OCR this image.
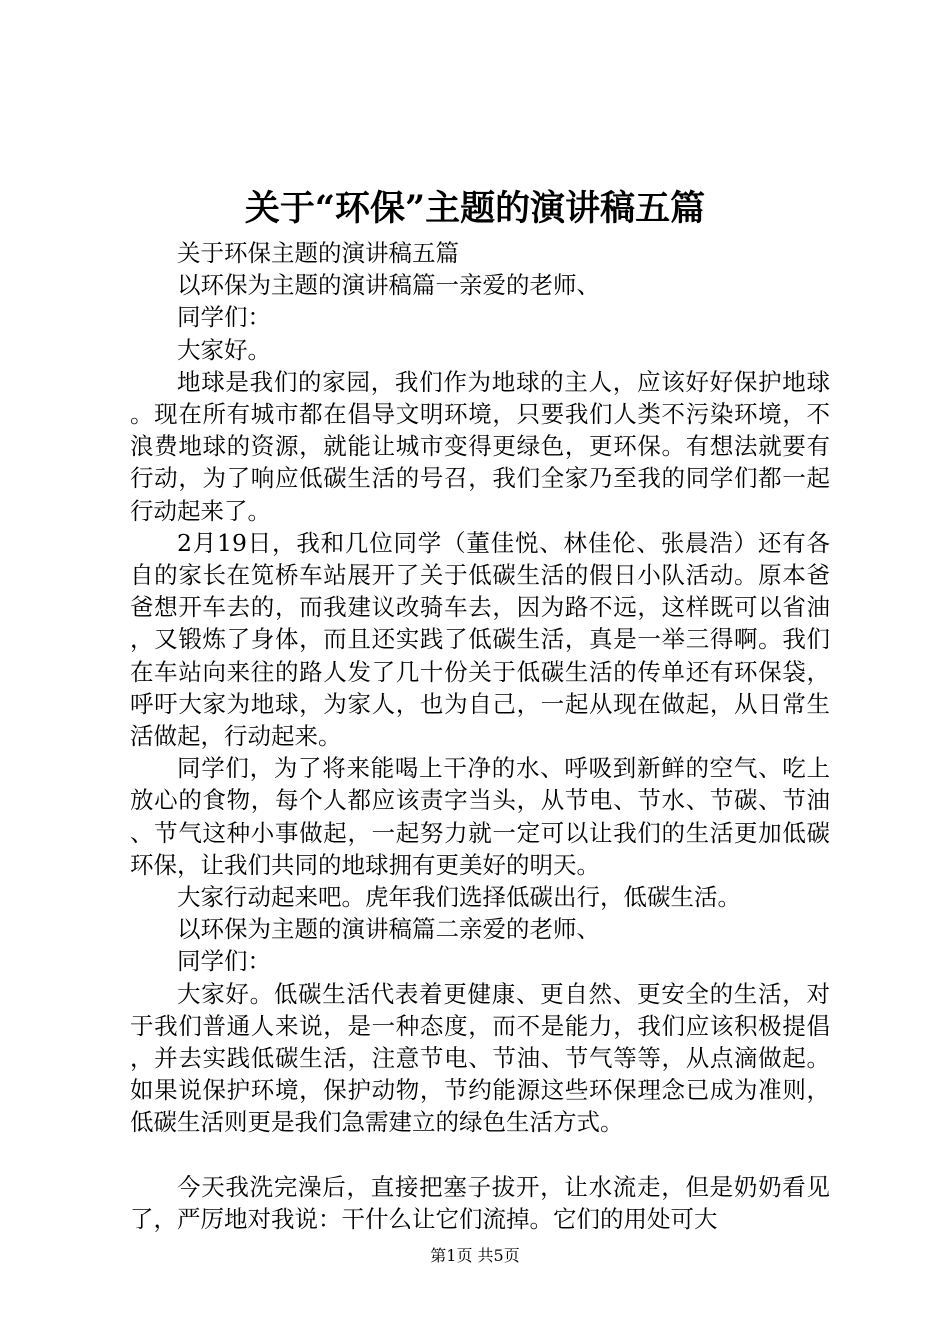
关于“环保”主题的演讲稿五篇

关于环保主题的演讲稿五篇

以环保为主题的演讲稿篇一亲爱的老师、

同学们：

大家好。

地球是我们的家园，我们作为地球的主人，应该好好保护地球。现在所有城市都在倡导文明环境，只要我们人类不污染环境，不浪费地球的资源，就能让城市变得更绿色，更环保。有想法就要有行动，为了响应低碳生活的号召，我们全家乃至我的同学们都一起行动起来了。

2月19日，我和几位同学（董佳悦、林佳伦、张晨浩）还有各自的家长在笕桥车站展开了关于低碳生活的假日小队活动。原本爸爸想开车去的，而我建议改骑车去，因为路不远，这样既可以省油，又锻炼了身体，而且还实践了低碳生活，真是一举三得啊。我们在车站向来往的路人发了几十份关于低碳生活的传单还有环保袋，呼吁大家为地球，为家人，也为自己，一起从现在做起，从日常生活做起，行动起来。

同学们，为了将来能喝上干净的水、呼吸到新鲜的空气、吃上放心的食物，每个人都应该责字当头，从节电、节水、节碳、节油、节气这种小事做起，一起努力就一定可以让我们的生活更加低碳环保，让我们共同的地球拥有更美好的明天。

大家行动起来吧。虎年我们选择低碳出行，低碳生活。

以环保为主题的演讲稿篇二亲爱的老师、

同学们：

大家好。低碳生活代表着更健康、更自然、更安全的生活，对于我们普通人来说，是一种态度，而不是能力，我们应该积极提倡，并去实践低碳生活，注意节电、节油、节气等等，从点滴做起。如果说保护环境，保护动物，节约能源这些环保理念已成为准则，低碳生活则更是我们急需建立的绿色生活方式。

今天我洗完澡后，直接把塞子拔开，让水流走，但是奶奶看见了，严厉地对我说：干什么让它们流掉。它们的用处可大

第1页 共5页
